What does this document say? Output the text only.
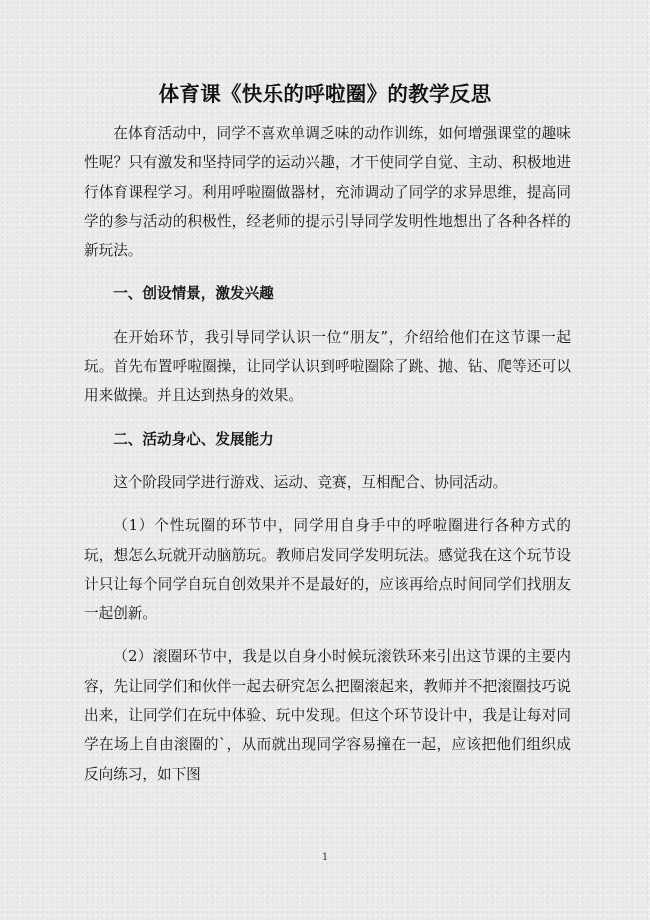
体育课《快乐的呼啦圈》的教学反思

在体育活动中，同学不喜欢单调乏味的动作训练，如何增强课堂的趣味性呢？只有激发和坚持同学的运动兴趣，才干使同学自觉、主动、积极地进行体育课程学习。利用呼啦圈做器材，充沛调动了同学的求异思维，提高同学的参与活动的积极性，经老师的提示引导同学发明性地想出了各种各样的新玩法。

一、创设情景，激发兴趣

在开始环节，我引导同学认识一位“朋友”，介绍给他们在这节课一起玩。首先布置呼啦圈操，让同学认识到呼啦圈除了跳、抛、钻、爬等还可以用来做操。并且达到热身的效果。

二、活动身心、发展能力

这个阶段同学进行游戏、运动、竞赛，互相配合、协同活动。

（1）个性玩圈的环节中，同学用自身手中的呼啦圈进行各种方式的玩，想怎么玩就开动脑筋玩。教师启发同学发明玩法。感觉我在这个玩节设计只让每个同学自玩自创效果并不是最好的，应该再给点时间同学们找朋友一起创新。

（2）滚圈环节中，我是以自身小时候玩滚铁环来引出这节课的主要内容，先让同学们和伙伴一起去研究怎么把圈滚起来，教师并不把滚圈技巧说出来，让同学们在玩中体验、玩中发现。但这个环节设计中，我是让每对同学在场上自由滚圈的`，从而就出现同学容易撞在一起，应该把他们组织成反向练习，如下图

1
